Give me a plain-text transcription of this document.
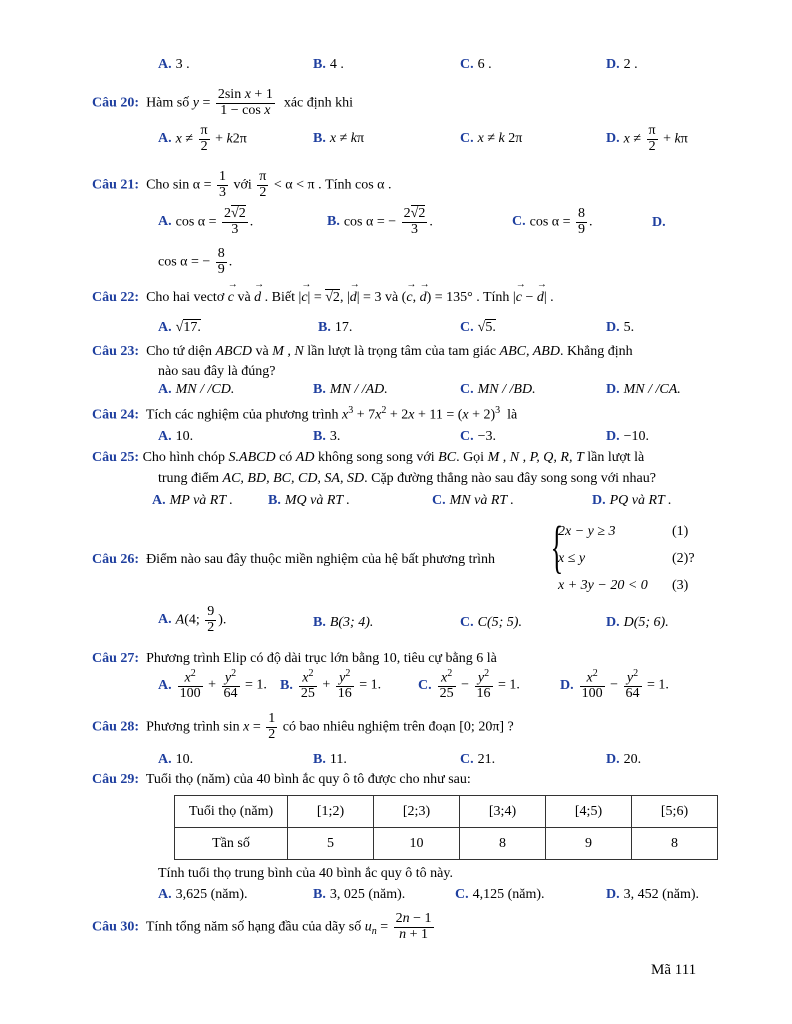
A. 3 .	B. 4 .	C. 6 .	D. 2 .
Câu 20: Hàm số $y = \frac{\text{2sin x + 1}}{\text{1 − cos x}}$ xác định khi
A. $x \ne \frac{\pi}{2} + k2\pi$	B. x ≠ kπ	C. x ≠ k 2π	D. $x \ne \frac{\pi}{2} + k\pi$
Câu 21: Cho $\sin \alpha = \frac{1}{3}$ với $\frac{\pi}{2} < \alpha < \pi$ . Tính cos α .
A. $\cos \alpha = \frac{2√2}{3}$ .	B. cos α = − $\frac{2√2}{3}$ .	C. $\cos \alpha = \frac{8}{9}$ .	D.
cos α = − $\frac{8}{9}$ .
Câu 22: Cho hai vectơ → c và → d . Biết |→ c| = √2, |→ d| = 3 và (→ c, → d) = 135° . Tính |→ c − → d| .
A. √17.	B. 17.	C. √5.	D. 5.
Câu 23: Cho tứ diện ABCD và M , N lần lượt là trọng tâm của tam giác ABC, ABD. Khẳng định
nào sau đây là đúng?
A. MN / /CD.	B. MN / /AD.	C. MN / /BD.	D. MN / /CA.
Câu 24: Tích các nghiệm của phương trình $x^3 + 7x^2 + 2x + 11 = (x + 2)^3$ là
A. 10.	B. 3.	C. −3.	D. −10.
Câu 25: Cho hình chóp S.ABCD có AD không song song với BC. Gọi M , N , P, Q, R, T lần lượt là
trung điểm AC, BD, BC, CD, SA, SD. Cặp đường thẳng nào sau đây song song với nhau?
A. MP và RT .	B. MQ và RT .	C. MN và RT .	D. PQ và RT .
Câu 26: Điểm nào sau đây thuộc miền nghiệm của hệ bất phương trình {
2x − y ≥ 3
x ≤ y
x + 3y − 20 < 0
(1)
(2)?
(3)
A. A(4; $\frac{9}{2}$ ).	B. B(3; 4).	C. C(5; 5).	D. D(5; 6).
Câu 27: Phương trình Elip có độ dài trục lớn bằng 10, tiêu cự bằng 6 là
A. $\frac{x^2}{100} + \frac{y^2}{64} = 1$. B. $\frac{x^2}{25} + \frac{y^2}{16} = 1$.	C. $\frac{x^2}{25} - \frac{y^2}{16} = 1$.	D. $\frac{x^2}{100} - \frac{y^2}{64} = 1$.
Câu 28: Phương trình $\sin x = \frac{1}{2}$ có bao nhiêu nghiệm trên đoạn [0; 20π] ?
A. 10.	B. 11.	C. 21.	D. 20.
Câu 29: Tuổi thọ (năm) của 40 bình ắc quy ô tô được cho như sau:
Tuổi thọ (năm)	[1;2)	[2;3)	[3;4)	[4;5)	[5;6)
Tần số	5	10	8	9	8
Tính tuổi thọ trung bình của 40 bình ắc quy ô tô này.
A. 3,625 (năm).	B. 3, 025 (năm).	C. 4,125 (năm).	D. 3, 452 (năm).
Câu 30: Tính tổng năm số hạng đầu của dãy số $u_n = \frac{2n - 1}{n + 1}$
Mã 111
